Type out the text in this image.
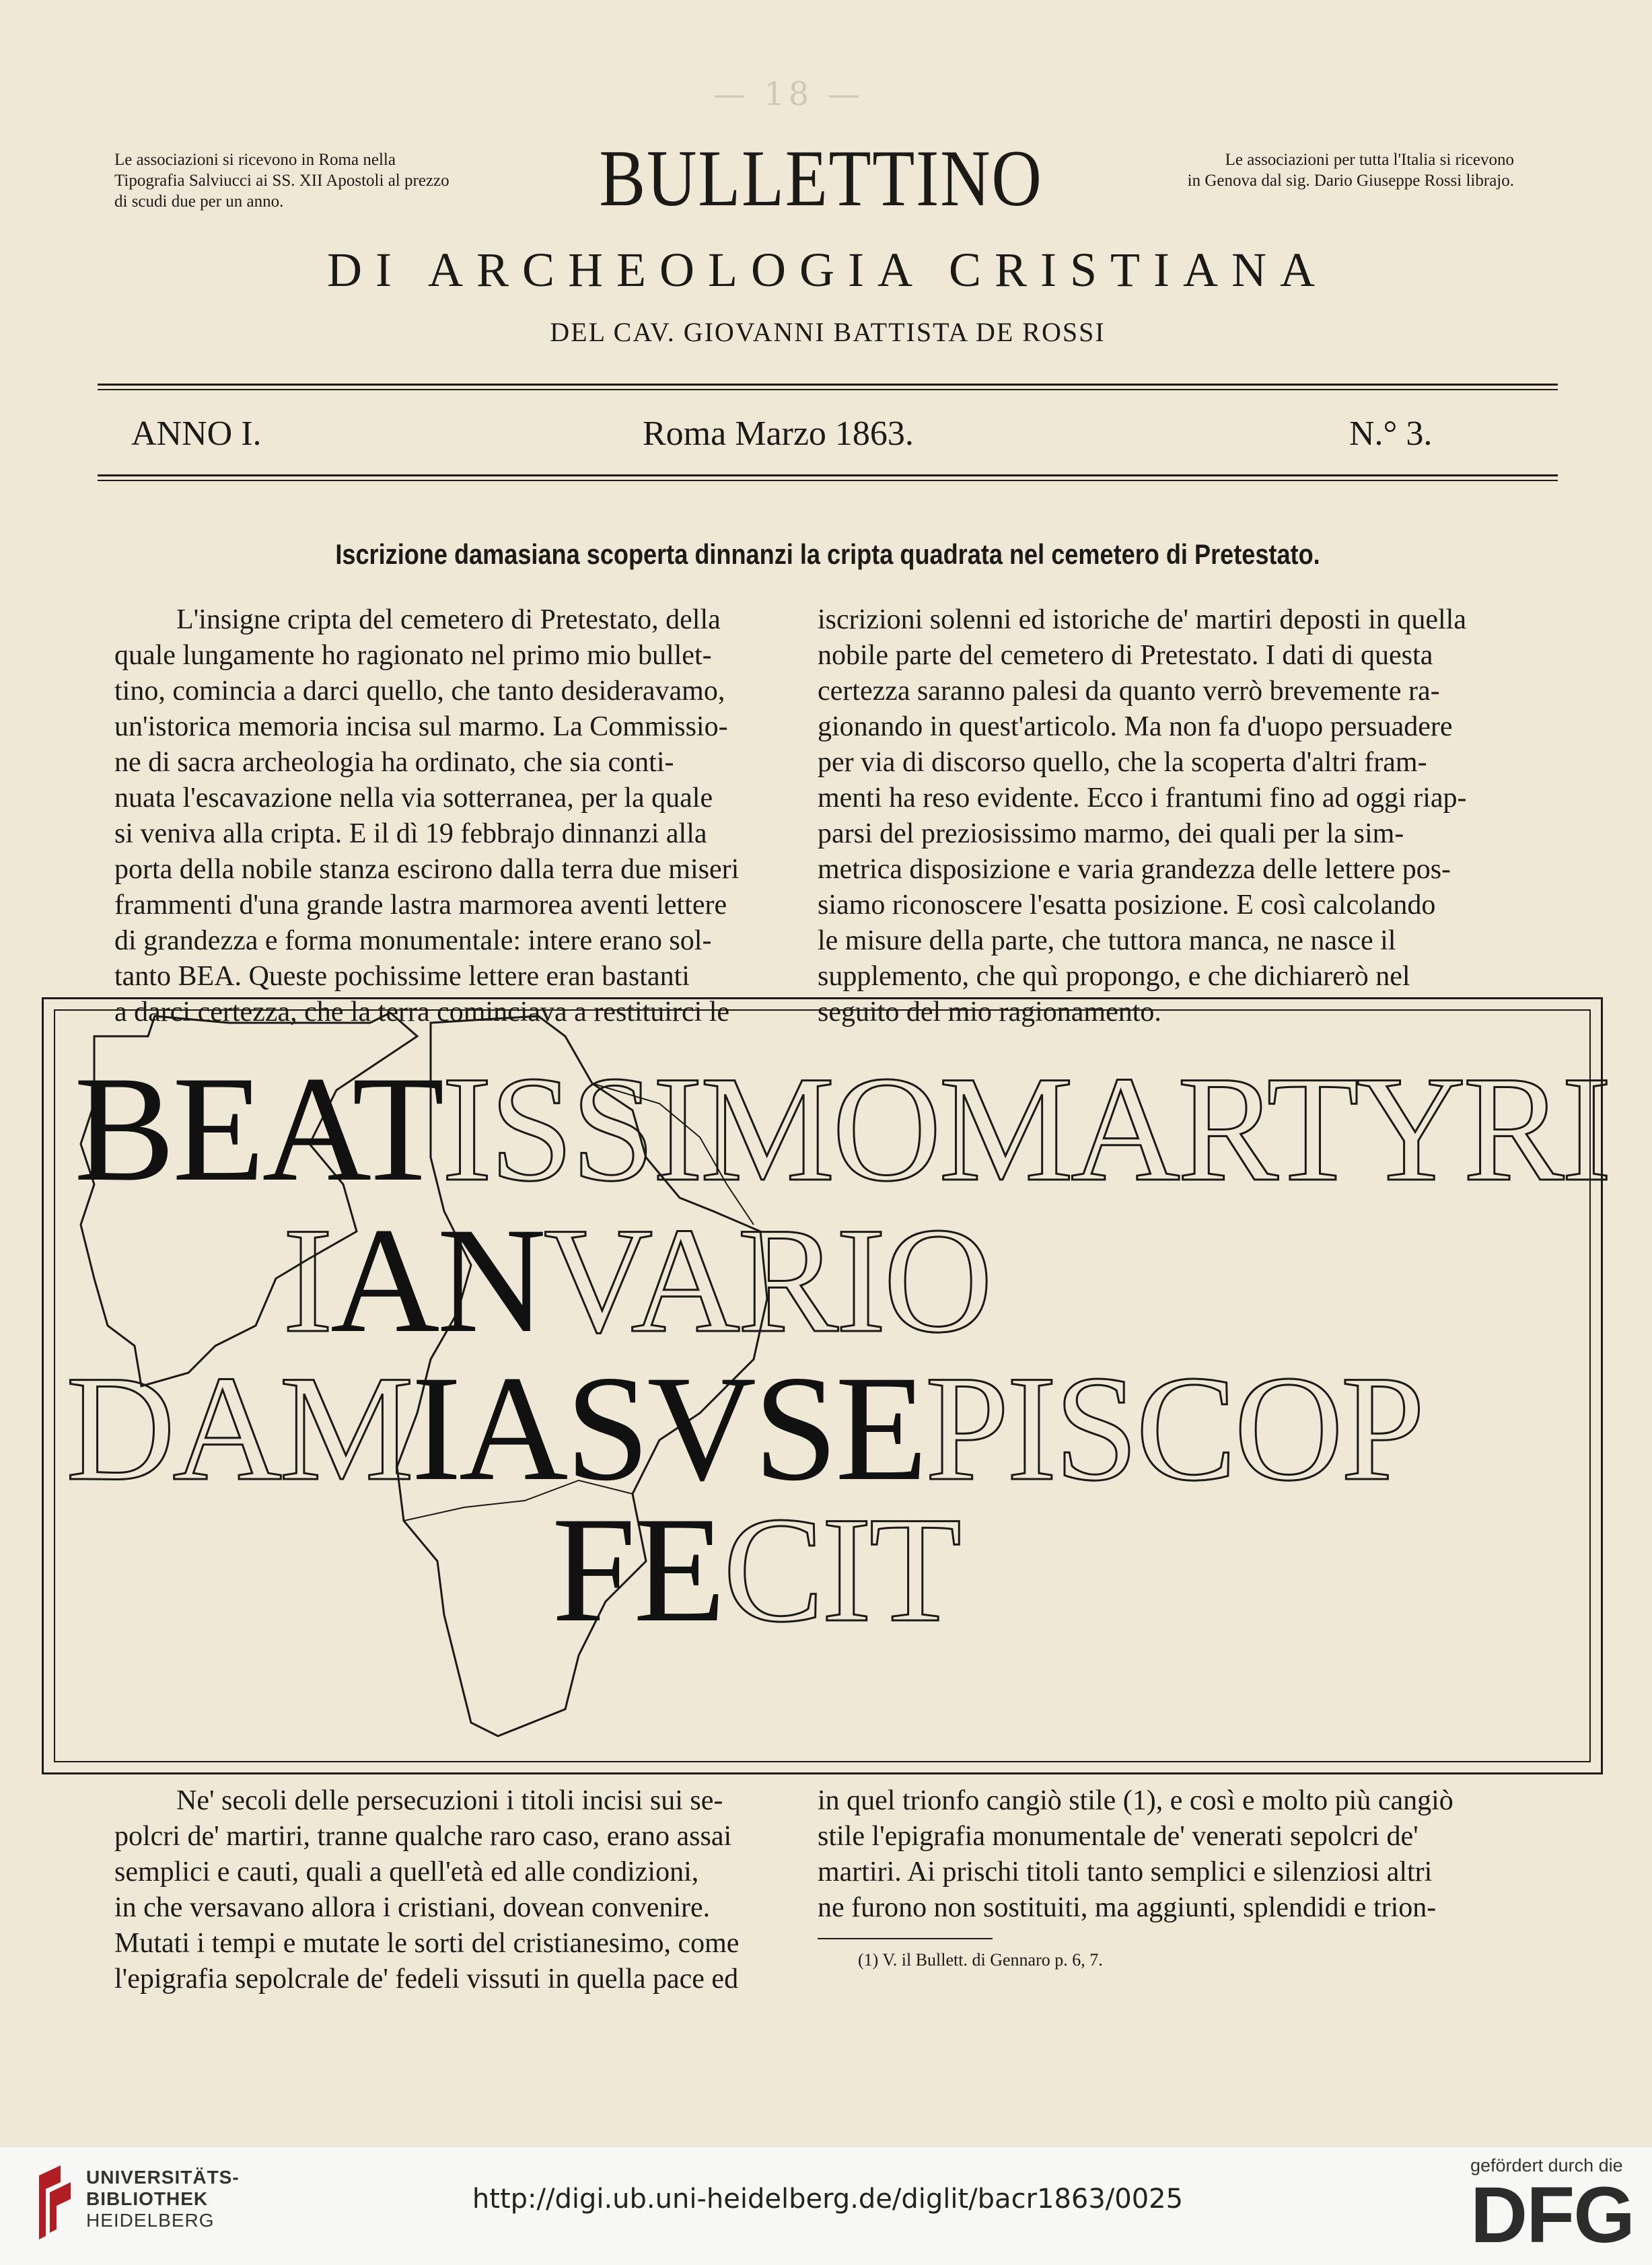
— 18 —
Le associazioni si ricevono in Roma nella
Tipografia Salviucci ai SS. XII Apostoli al prezzo
di scudi due per un anno.
Le associazioni per tutta l'Italia si ricevono
in Genova dal sig. Dario Giuseppe Rossi librajo.
BULLETTINO
DI ARCHEOLOGIA CRISTIANA
DEL CAV. GIOVANNI BATTISTA DE ROSSI
ANNO I.	Roma Marzo 1863.	N.° 3.
Iscrizione damasiana scoperta dinnanzi la cripta quadrata nel cemetero di Pretestato.

L'insigne cripta del cemetero di Pretestato, della

quale lungamente ho ragionato nel primo mio bullet-
tino, comincia a darci quello, che tanto desideravamo,
un'istorica memoria incisa sul marmo. La Commissio-
ne di sacra archeologia ha ordinato, che sia conti-
nuata l'escavazione nella via sotterranea, per la quale
si veniva alla cripta. E il dì 19 febbrajo dinnanzi alla
porta della nobile stanza escirono dalla terra due miseri
frammenti d'una grande lastra marmorea aventi lettere
di grandezza e forma monumentale: intere erano sol-
tanto BEA. Queste pochissime lettere eran bastanti
a darci certezza, che la terra cominciava a restituirci le
iscrizioni solenni ed istoriche de' martiri deposti in quella
nobile parte del cemetero di Pretestato. I dati di questa
certezza saranno palesi da quanto verrò brevemente ra-
gionando in quest'articolo. Ma non fa d'uopo persuadere
per via di discorso quello, che la scoperta d'altri fram-
menti ha reso evidente. Ecco i frantumi fino ad oggi riap-
parsi del preziosissimo marmo, dei quali per la sim-
metrica disposizione e varia grandezza delle lettere pos-
siamo riconoscere l'esatta posizione. E così calcolando
le misure della parte, che tuttora manca, ne nasce il
supplemento, che quì propongo, e che dichiarerò nel
seguito del mio ragionamento.
BEATISSIMOMARTYRI
IANVARIO
DAMIASVSEPISCOP
FECIT

Ne' secoli delle persecuzioni i titoli incisi sui se-

polcri de' martiri, tranne qualche raro caso, erano assai
semplici e cauti, quali a quell'età ed alle condizioni,
in che versavano allora i cristiani, dovean convenire.
Mutati i tempi e mutate le sorti del cristianesimo, come
l'epigrafia sepolcrale de' fedeli vissuti in quella pace ed
in quel trionfo cangiò stile (1), e così e molto più cangiò
stile l'epigrafia monumentale de' venerati sepolcri de'
martiri. Ai prischi titoli tanto semplici e silenziosi altri
ne furono non sostituiti, ma aggiunti, splendidi e trion-
(1) V. il Bullett. di Gennaro p. 6, 7.
UNIVERSITÄTS-
BIBLIOTHEK
HEIDELBERG
http://digi.ub.uni-heidelberg.de/diglit/bacr1863/0025
gefördert durch die
DFG
